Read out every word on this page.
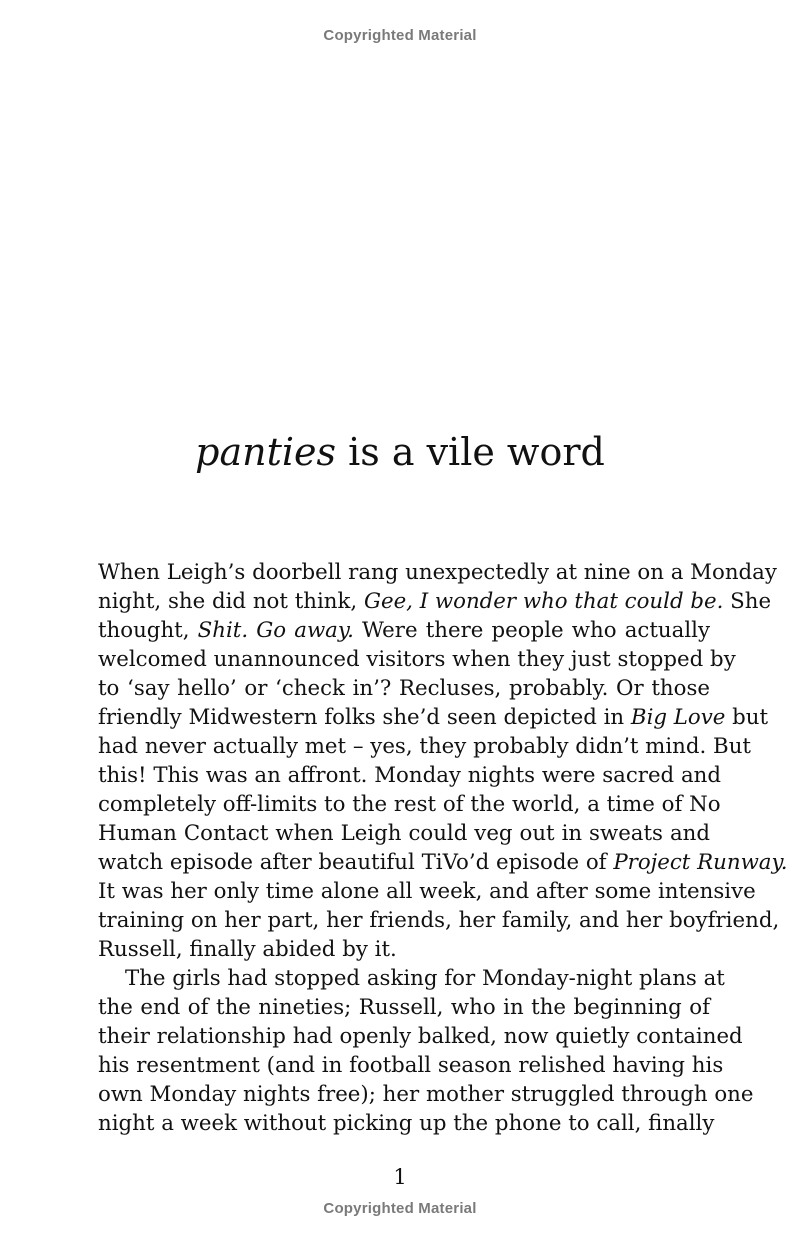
Copyrighted Material
panties is a vile word
When Leigh’s doorbell rang unexpectedly at nine on a Monday
night, she did not think, Gee, I wonder who that could be. She
thought, Shit. Go away. Were there people who actually
welcomed unannounced visitors when they just stopped by
to ‘say hello’ or ‘check in’? Recluses, probably. Or those
friendly Midwestern folks she’d seen depicted in Big Love but
had never actually met – yes, they probably didn’t mind. But
this! This was an affront. Monday nights were sacred and
completely off-limits to the rest of the world, a time of No
Human Contact when Leigh could veg out in sweats and
watch episode after beautiful TiVo’d episode of Project Runway.
It was her only time alone all week, and after some intensive
training on her part, her friends, her family, and her boyfriend,
Russell, finally abided by it.
The girls had stopped asking for Monday-night plans at
the end of the nineties; Russell, who in the beginning of
their relationship had openly balked, now quietly contained
his resentment (and in football season relished having his
own Monday nights free); her mother struggled through one
night a week without picking up the phone to call, finally
1
Copyrighted Material
